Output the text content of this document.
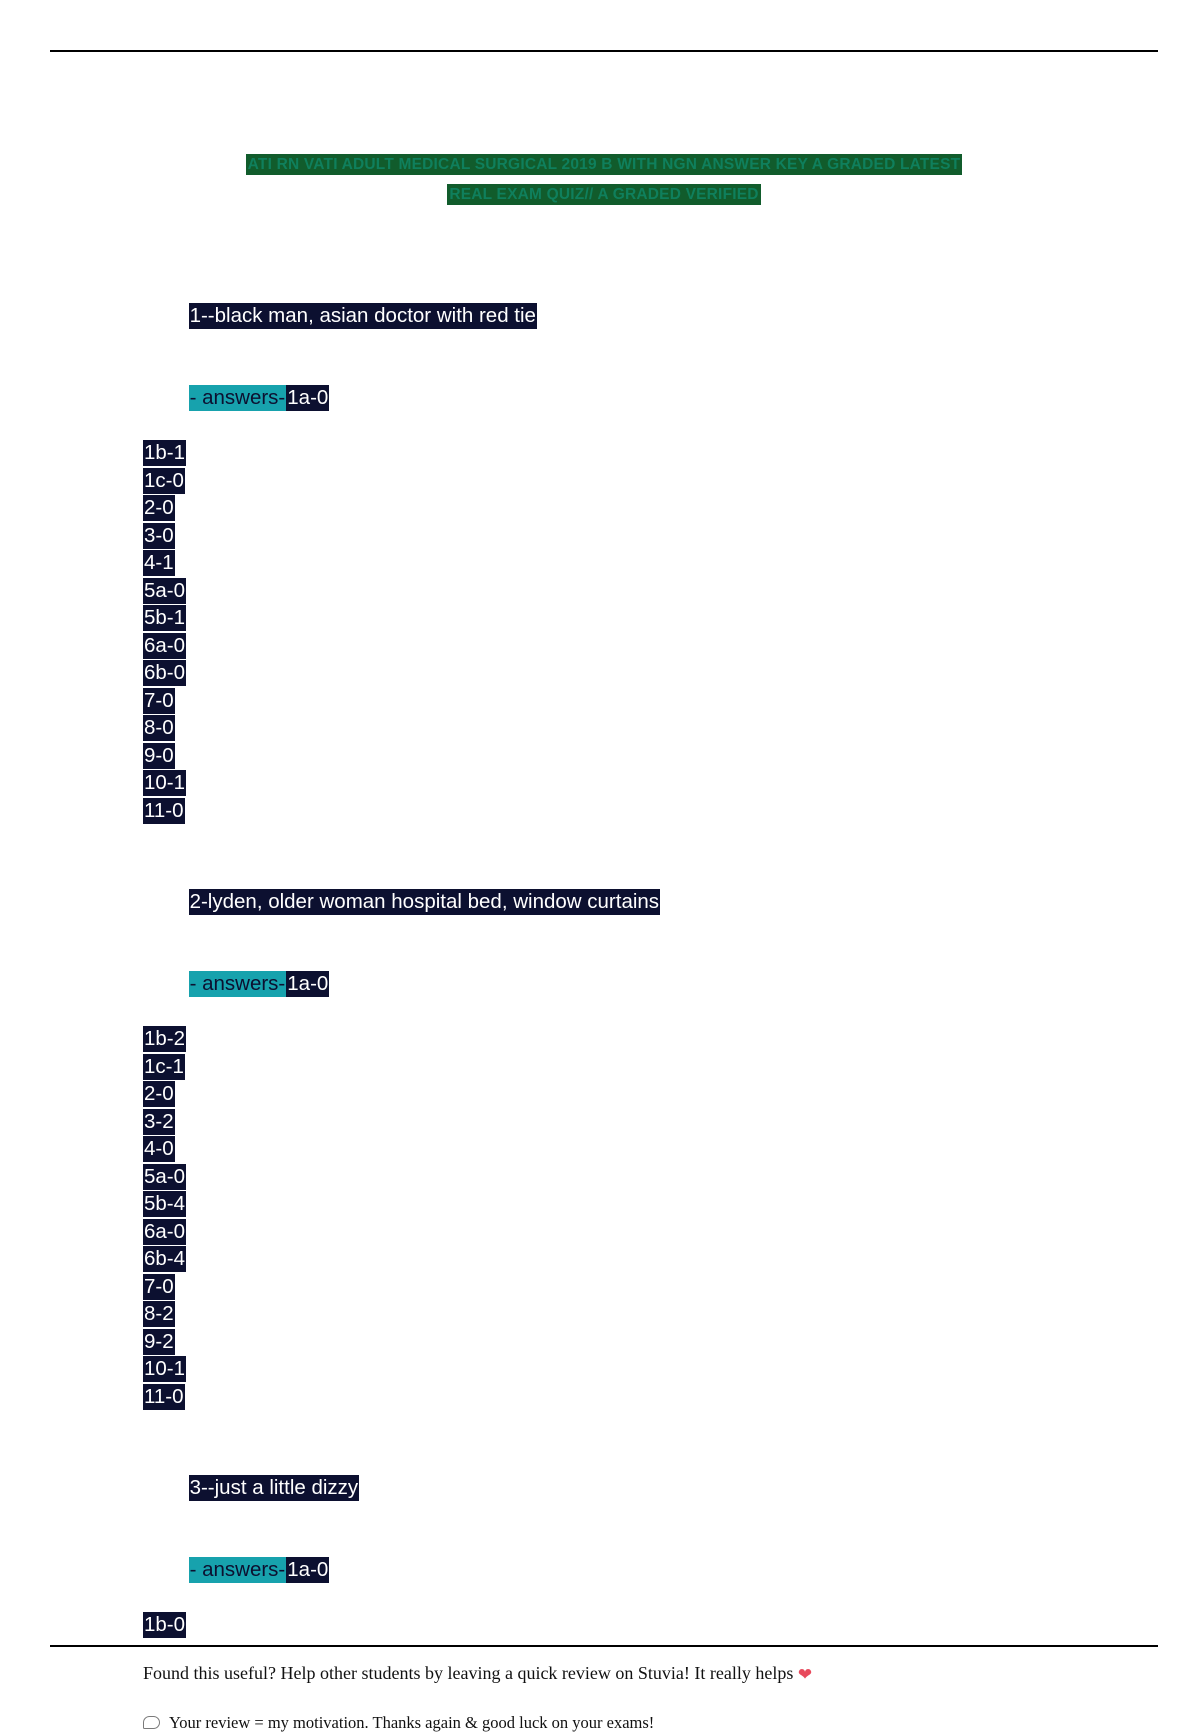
ATI RN VATI ADULT MEDICAL SURGICAL 2019 B WITH NGN ANSWER KEY A GRADED LATEST
REAL EXAM QUIZ// A GRADED VERIFIED

1--black man, asian doctor with red tie

- answers-1a-0

1b-1
1c-0
2-0
3-0
4-1
5a-0
5b-1
6a-0
6b-0
7-0
8-0
9-0
10-1
11-0

2-lyden, older woman hospital bed, window curtains

- answers-1a-0

1b-2
1c-1
2-0
3-2
4-0
5a-0
5b-4
6a-0
6b-4
7-0
8-2
9-2
10-1
11-0

3--just a little dizzy

- answers-1a-0

1b-0
Found this useful? Help other students by leaving a quick review on Stuvia! It really helps ❤
Your review = my motivation. Thanks again & good luck on your exams!
